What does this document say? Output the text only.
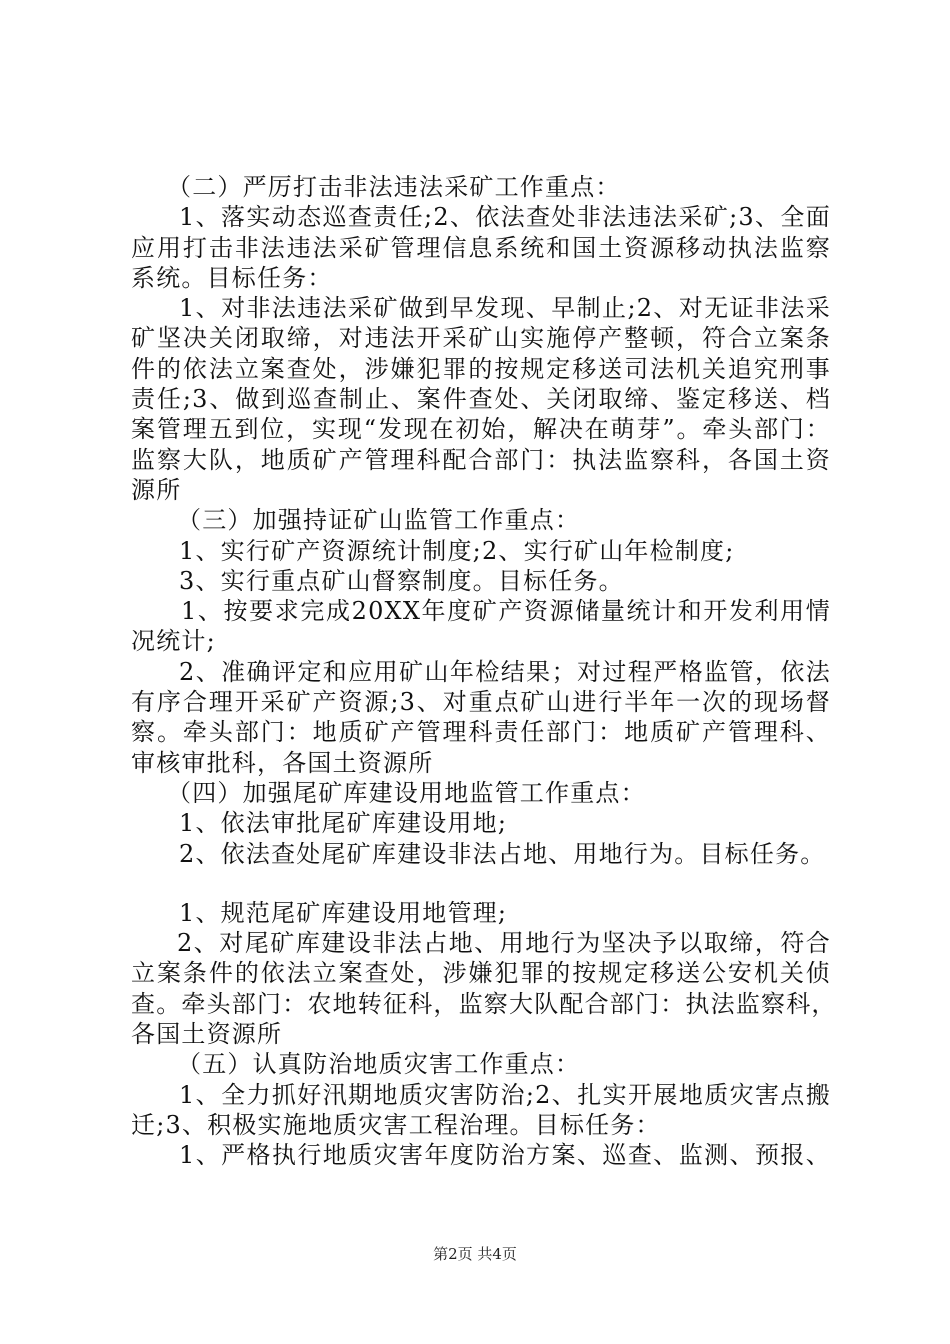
（二）严厉打击非法违法采矿工作重点：
1、落实动态巡查责任;2、依法查处非法违法采矿;3、全面
应用打击非法违法采矿管理信息系统和国土资源移动执法监察
系统。目标任务：
1、对非法违法采矿做到早发现、早制止;2、对无证非法采
矿坚决关闭取缔，对违法开采矿山实施停产整顿，符合立案条
件的依法立案查处，涉嫌犯罪的按规定移送司法机关追究刑事
责任;3、做到巡查制止、案件查处、关闭取缔、鉴定移送、档
案管理五到位，实现“发现在初始，解决在萌芽”。牵头部门：
监察大队，地质矿产管理科配合部门：执法监察科，各国土资
源所
（三）加强持证矿山监管工作重点：
1、实行矿产资源统计制度;2、实行矿山年检制度;
3、实行重点矿山督察制度。目标任务。
1、按要求完成20XX年度矿产资源储量统计和开发利用情
况统计;
2、准确评定和应用矿山年检结果；对过程严格监管，依法
有序合理开采矿产资源;3、对重点矿山进行半年一次的现场督
察。牵头部门：地质矿产管理科责任部门：地质矿产管理科、
审核审批科，各国土资源所
（四）加强尾矿库建设用地监管工作重点：
1、依法审批尾矿库建设用地;
2、依法查处尾矿库建设非法占地、用地行为。目标任务。
1、规范尾矿库建设用地管理;
2、对尾矿库建设非法占地、用地行为坚决予以取缔，符合
立案条件的依法立案查处，涉嫌犯罪的按规定移送公安机关侦
查。牵头部门：农地转征科，监察大队配合部门：执法监察科，
各国土资源所
（五）认真防治地质灾害工作重点：
1、全力抓好汛期地质灾害防治;2、扎实开展地质灾害点搬
迁;3、积极实施地质灾害工程治理。目标任务：
1、严格执行地质灾害年度防治方案、巡查、监测、预报、
第2页 共4页
